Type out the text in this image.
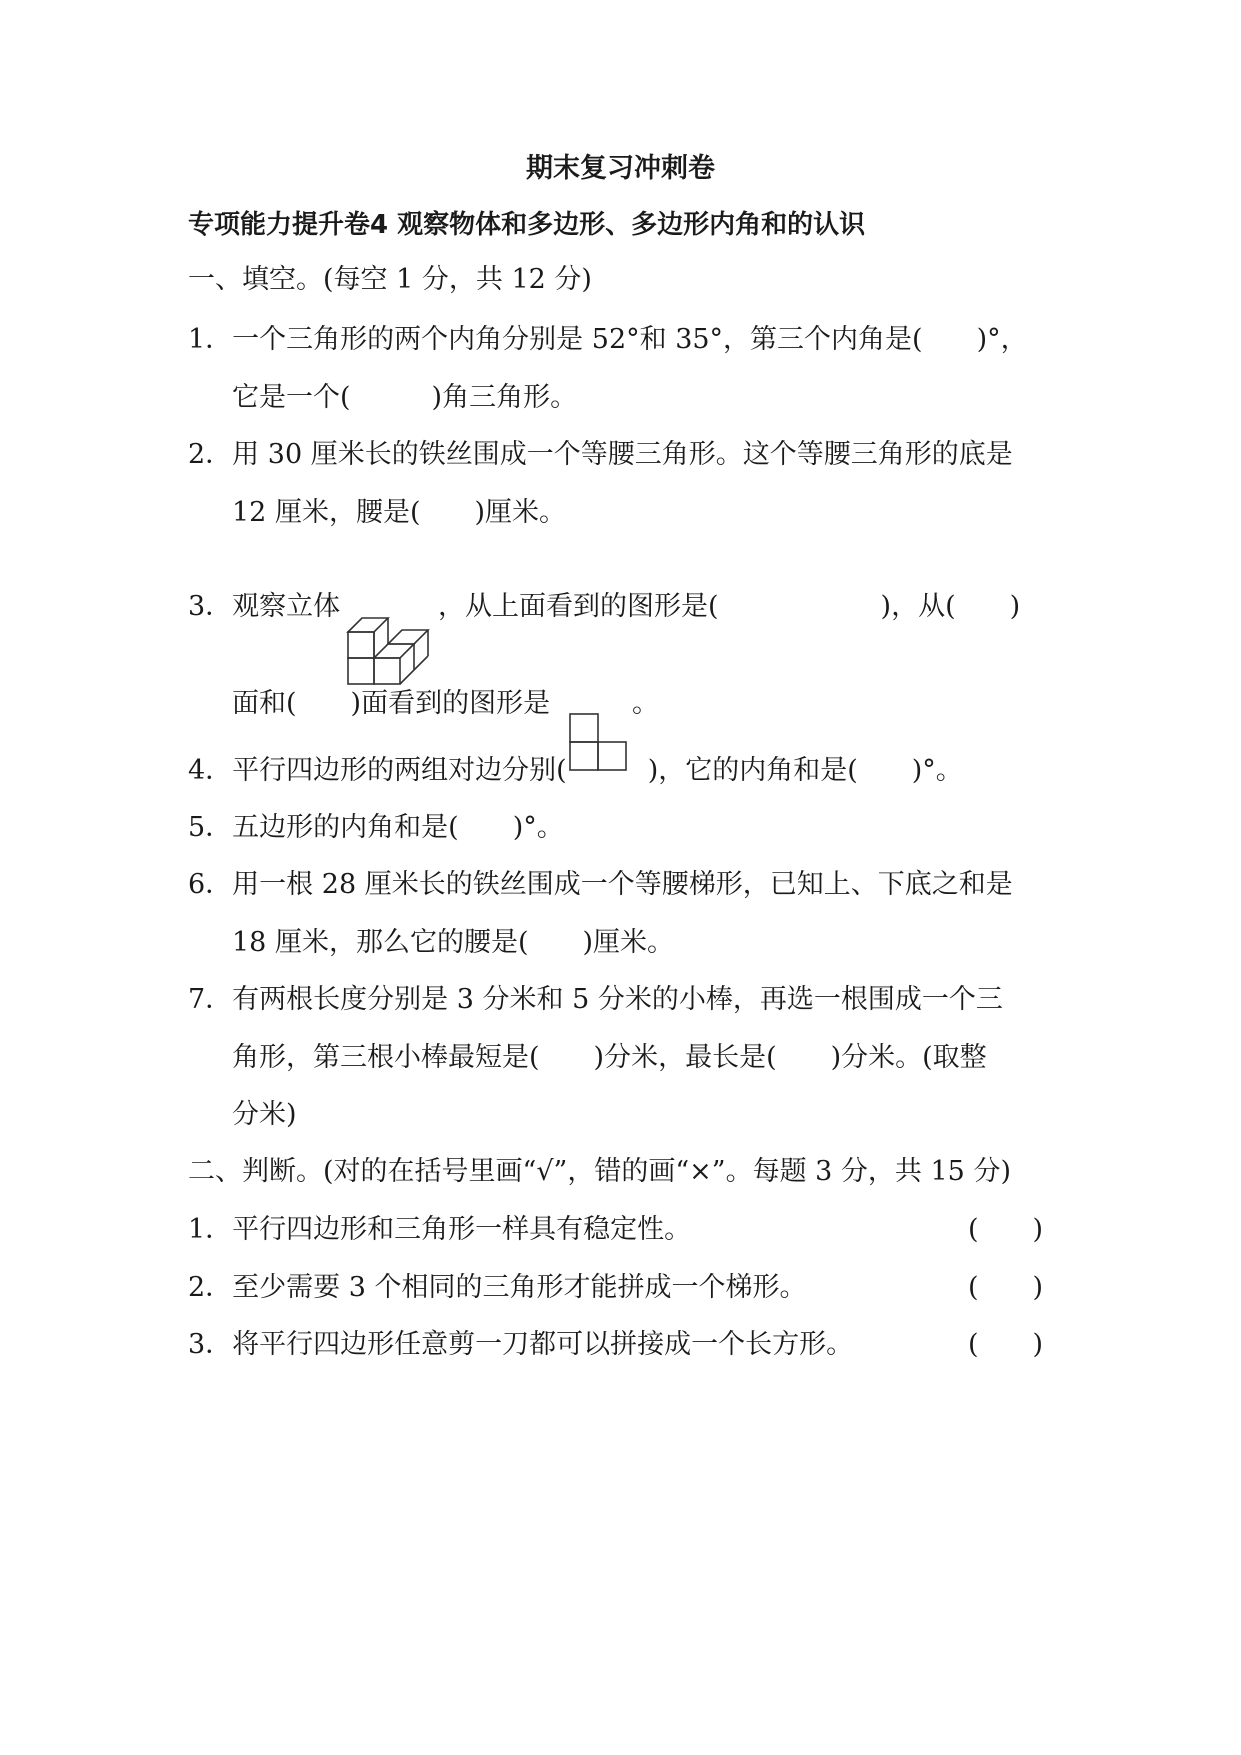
期末复习冲刺卷
专项能力提升卷4 观察物体和多边形、多边形内角和的认识
一、填空。(每空 1 分，共 12 分)
1．一个三角形的两个内角分别是 52°和 35°，第三个内角是(　　)°，
它是一个(　　　)角三角形。
2．用 30 厘米长的铁丝围成一个等腰三角形。这个等腰三角形的底是
12 厘米，腰是(　　)厘米。
3．观察立体	，从上面看到的图形是(　　　　　　)，从(　　)
面和(　　)面看到的图形是	。
4．平行四边形的两组对边分别(　　　)，它的内角和是(　　)°。
5．五边形的内角和是(　　)°。
6．用一根 28 厘米长的铁丝围成一个等腰梯形，已知上、下底之和是
18 厘米，那么它的腰是(　　)厘米。
7．有两根长度分别是 3 分米和 5 分米的小棒，再选一根围成一个三
角形，第三根小棒最短是(　　)分米，最长是(　　)分米。(取整
分米)
二、判断。(对的在括号里画“√”，错的画“×”。每题 3 分，共 15 分)
1．平行四边形和三角形一样具有稳定性。	(　　)
2．至少需要 3 个相同的三角形才能拼成一个梯形。	(　　)
3．将平行四边形任意剪一刀都可以拼接成一个长方形。	(　　)
